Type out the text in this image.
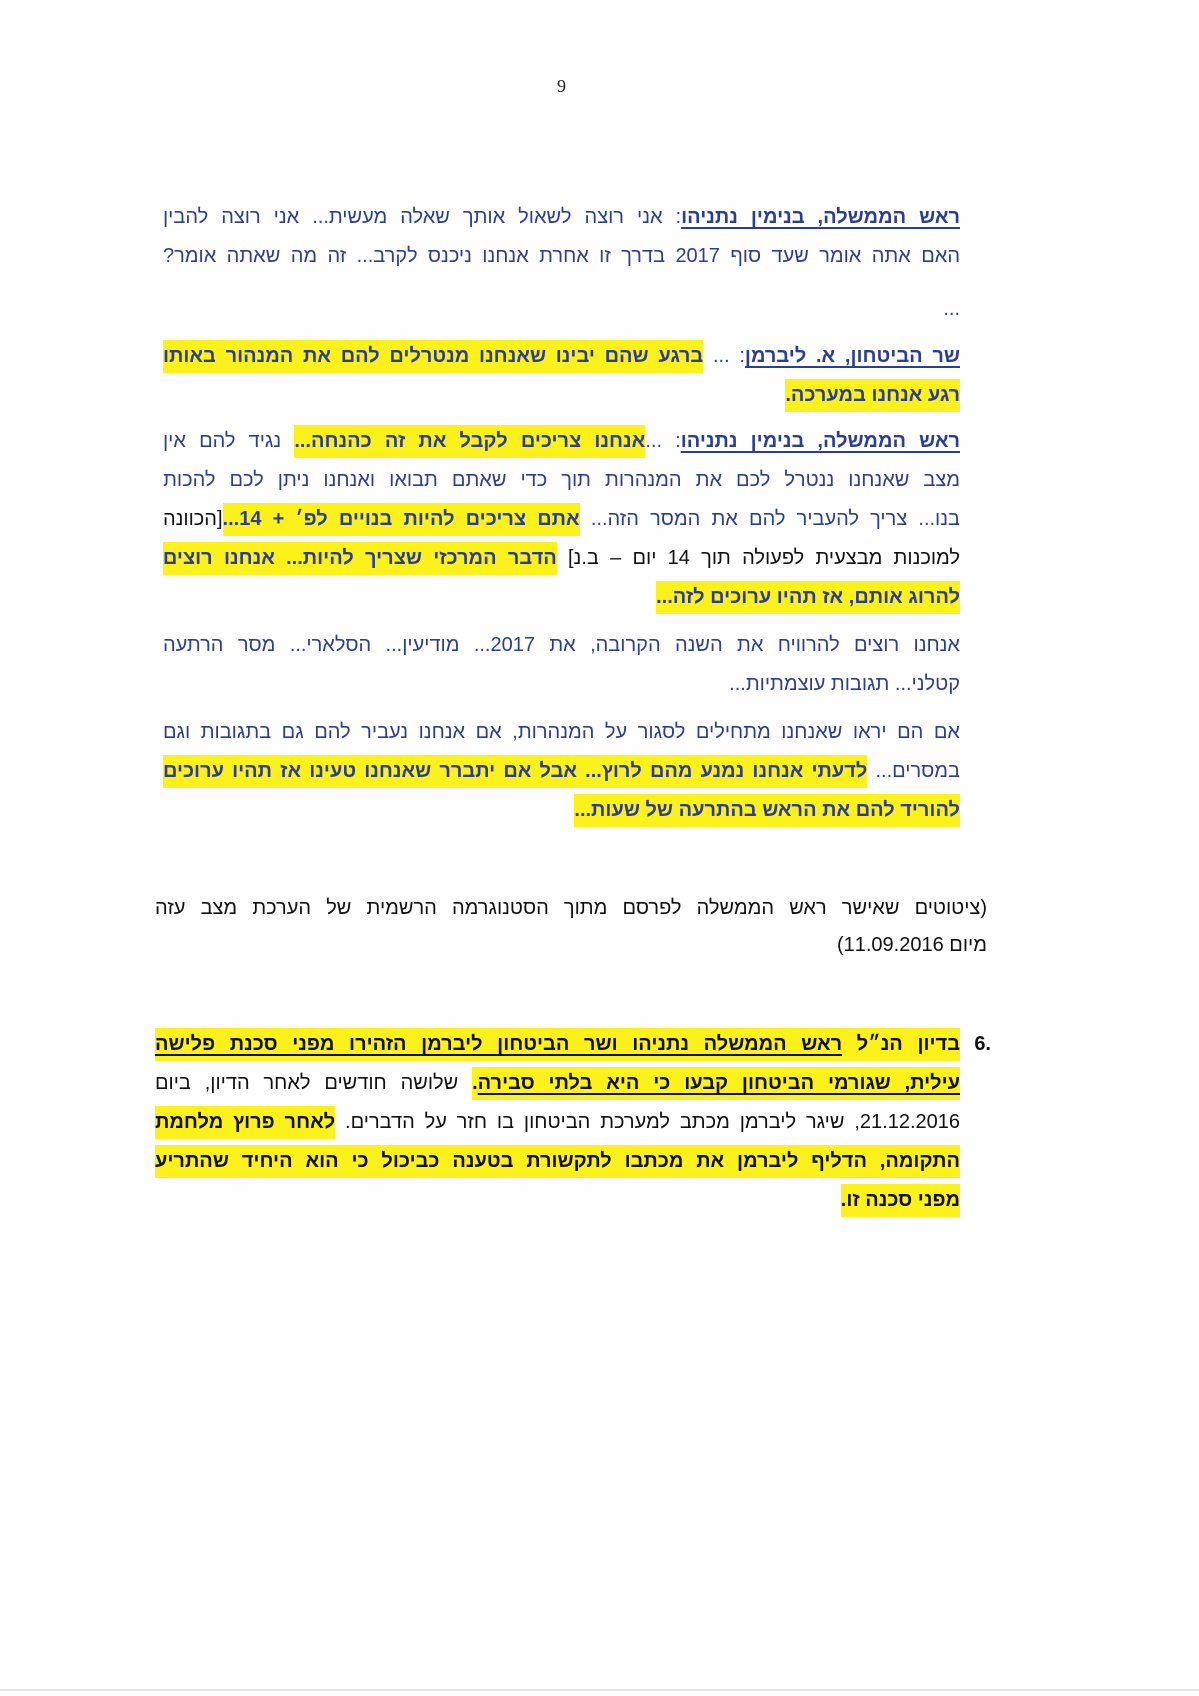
9
ראש הממשלה, בנימין נתניהו: אני רוצה לשאול אותך שאלה מעשית... אני רוצה להבין
האם אתה אומר שעד סוף 2017 בדרך זו אחרת אנחנו ניכנס לקרב... זה מה שאתה אומר?
...
שר הביטחון, א. ליברמן: ... ברגע שהם יבינו שאנחנו מנטרלים להם את המנהור באותו
רגע אנחנו במערכה.
ראש הממשלה, בנימין נתניהו: ...אנחנו צריכים לקבל את זה כהנחה... נגיד להם אין
מצב שאנחנו ננטרל לכם את המנהרות תוך כדי שאתם תבואו ואנחנו ניתן לכם להכות
בנו... צריך להעביר להם את המסר הזה... אתם צריכים להיות בנויים לפ׳ + 14...[הכוונה
למוכנות מבצעית לפעולה תוך 14 יום – ב.נ] הדבר המרכזי שצריך להיות... אנחנו רוצים
להרוג אותם, אז תהיו ערוכים לזה...
אנחנו רוצים להרוויח את השנה הקרובה, את 2017... מודיעין... הסלארי... מסר הרתעה
קטלני... תגובות עוצמתיות...
אם הם יראו שאנחנו מתחילים לסגור על המנהרות, אם אנחנו נעביר להם גם בתגובות וגם
במסרים... לדעתי אנחנו נמנע מהם לרוץ... אבל אם יתברר שאנחנו טעינו אז תהיו ערוכים
להוריד להם את הראש בהתרעה של שעות...
(ציטוטים שאישר ראש הממשלה לפרסם מתוך הסטנוגרמה הרשמית של הערכת מצב עזה
מיום 11.09.2016)
6.
בדיון הנ״ל ראש הממשלה נתניהו ושר הביטחון ליברמן הזהירו מפני סכנת פלישה
עילית, שגורמי הביטחון קבעו כי היא בלתי סבירה. שלושה חודשים לאחר הדיון, ביום
21.12.2016, שיגר ליברמן מכתב למערכת הביטחון בו חזר על הדברים. לאחר פרוץ מלחמת
התקומה, הדליף ליברמן את מכתבו לתקשורת בטענה כביכול כי הוא היחיד שהתריע
מפני סכנה זו.
